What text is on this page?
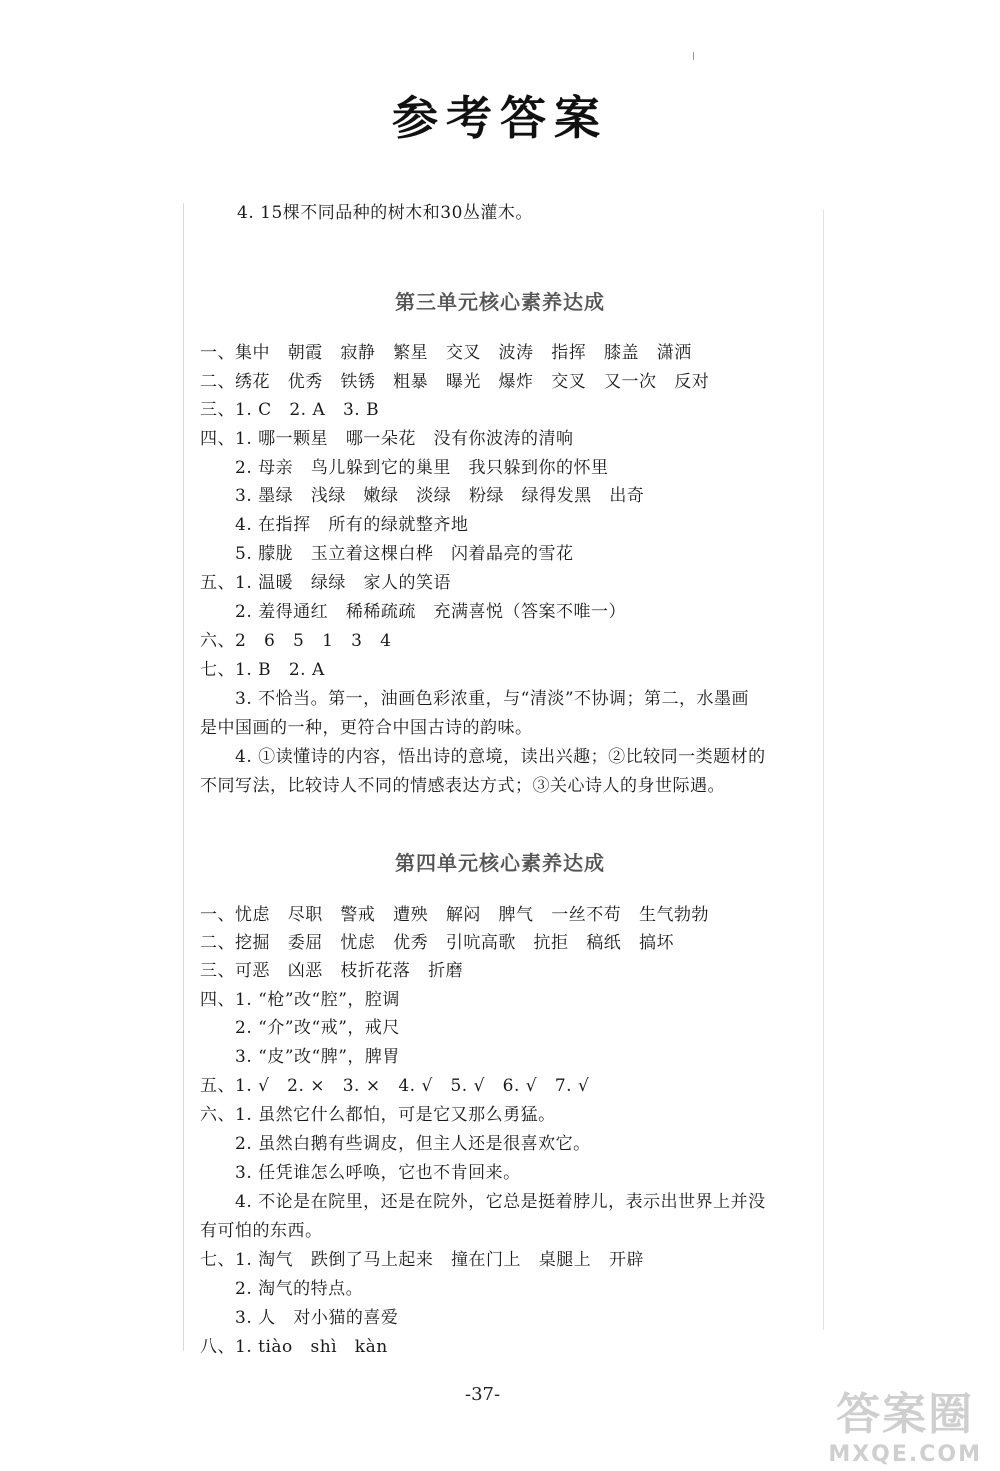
参考答案
4. 15棵不同品种的树木和30丛灌木。
第三单元核心素养达成
一、集中   朝霞   寂静   繁星   交叉   波涛   指挥   膝盖   潇洒
二、绣花   优秀   铁锈   粗暴   曝光   爆炸   交叉   又一次   反对
三、1. C   2. A   3. B
四、1. 哪一颗星   哪一朵花   没有你波涛的清响
2. 母亲   鸟儿躲到它的巢里   我只躲到你的怀里
3. 墨绿   浅绿   嫩绿   淡绿   粉绿   绿得发黑   出奇
4. 在指挥   所有的绿就整齐地
5. 朦胧   玉立着这棵白桦   闪着晶亮的雪花
五、1. 温暖   绿绿   家人的笑语
2. 羞得通红   稀稀疏疏   充满喜悦（答案不唯一）
六、2   6   5   1   3   4
七、1. B   2. A
3. 不恰当。第一，油画色彩浓重，与“清淡”不协调；第二，水墨画
是中国画的一种，更符合中国古诗的韵味。
4. ①读懂诗的内容，悟出诗的意境，读出兴趣；②比较同一类题材的
不同写法，比较诗人不同的情感表达方式；③关心诗人的身世际遇。
第四单元核心素养达成
一、忧虑   尽职   警戒   遭殃   解闷   脾气   一丝不苟   生气勃勃
二、挖掘   委屈   忧虑   优秀   引吭高歌   抗拒   稿纸   搞坏
三、可恶   凶恶   枝折花落   折磨
四、1. “枪”改“腔”，腔调
2. “介”改“戒”，戒尺
3. “皮”改“脾”，脾胃
五、1. √   2. ×   3. ×   4. √   5. √   6. √   7. √
六、1. 虽然它什么都怕，可是它又那么勇猛。
2. 虽然白鹅有些调皮，但主人还是很喜欢它。
3. 任凭谁怎么呼唤，它也不肯回来。
4. 不论是在院里，还是在院外，它总是挺着脖儿，表示出世界上并没
有可怕的东西。
七、1. 淘气   跌倒了马上起来   撞在门上   桌腿上   开辟
2. 淘气的特点。
3. 人   对小猫的喜爱
八、1. tiào   shì   kàn
-37-	答案圈
MXQE.COM
